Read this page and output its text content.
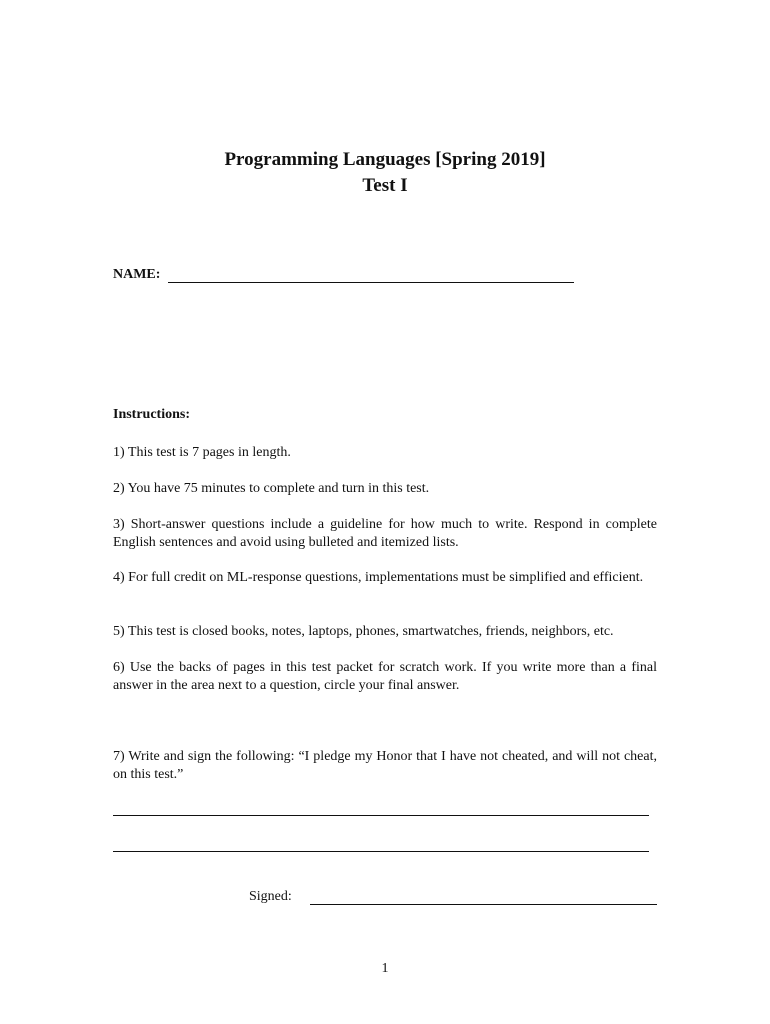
Programming Languages [Spring 2019]
Test I
NAME:
Instructions:
1) This test is 7 pages in length.
2) You have 75 minutes to complete and turn in this test.
3) Short-answer questions include a guideline for how much to write. Respond in complete English sentences and avoid using bulleted and itemized lists.
4) For full credit on ML-response questions, implementations must be simplified and efficient.
5) This test is closed books, notes, laptops, phones, smartwatches, friends, neighbors, etc.
6) Use the backs of pages in this test packet for scratch work. If you write more than a final answer in the area next to a question, circle your final answer.
7) Write and sign the following: “I pledge my Honor that I have not cheated, and will not cheat, on this test.”
Signed:
1
